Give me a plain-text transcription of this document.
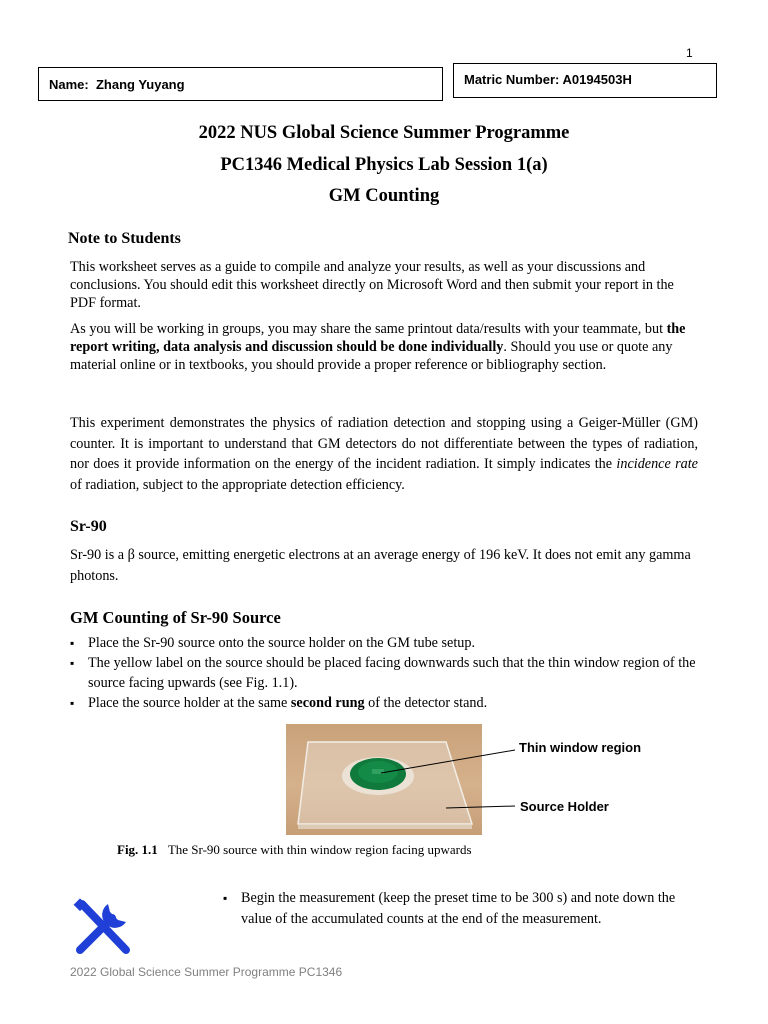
1
Name:  Zhang Yuyang	Matric Number: A0194503H
2022 NUS Global Science Summer Programme
PC1346 Medical Physics Lab Session 1(a)
GM Counting
Note to Students

This worksheet serves as a guide to compile and analyze your results, as well as your discussions and conclusions. You should edit this worksheet directly on Microsoft Word and then submit your report in the PDF format.

As you will be working in groups, you may share the same printout data/results with your teammate, but the report writing, data analysis and discussion should be done individually. Should you use or quote any material online or in textbooks, you should provide a proper reference or bibliography section.

This experiment demonstrates the physics of radiation detection and stopping using a Geiger-Müller (GM) counter. It is important to understand that GM detectors do not differentiate between the types of radiation, nor does it provide information on the energy of the incident radiation. It simply indicates the incidence rate of radiation, subject to the appropriate detection efficiency.

Sr-90

Sr-90 is a β source, emitting energetic electrons at an average energy of 196 keV. It does not emit any gamma photons.

GM Counting of Sr-90 Source
▪ Place the Sr-90 source onto the source holder on the GM tube setup.
▪ The yellow label on the source should be placed facing downwards such that the thin window region of the source facing upwards (see Fig. 1.1).
▪ Place the source holder at the same second rung of the detector stand.
Thin window region
Source Holder
Fig. 1.1 The Sr-90 source with thin window region facing upwards
▪ Begin the measurement (keep the preset time to be 300 s) and note down the value of the accumulated counts at the end of the measurement.
2022 Global Science Summer Programme PC1346
